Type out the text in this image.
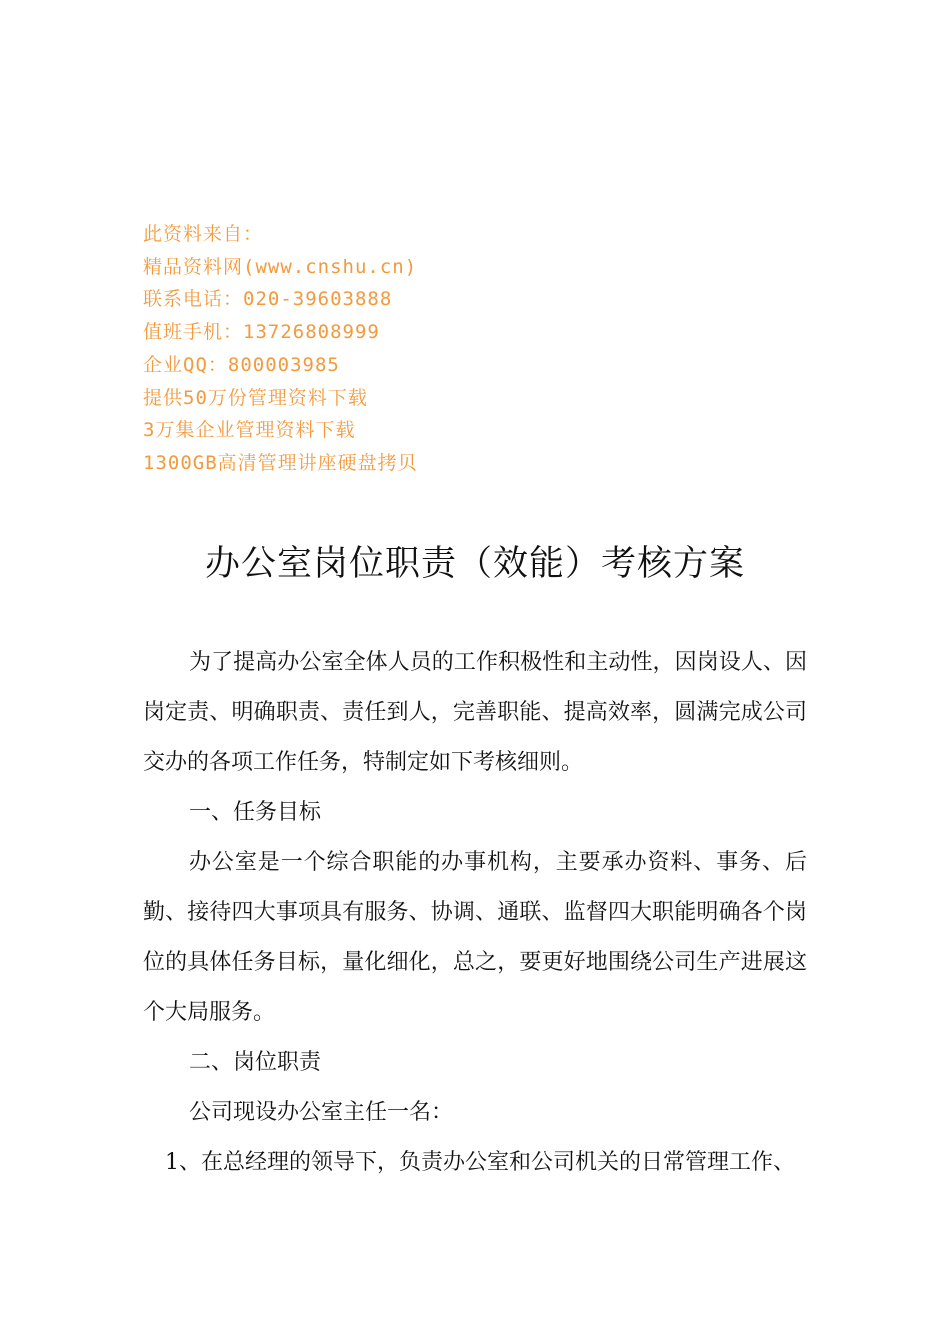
此资料来自：
精品资料网(www.cnshu.cn)
联系电话：020-39603888
值班手机：13726808999
企业QQ：800003985
提供50万份管理资料下载
3万集企业管理资料下载
1300GB高清管理讲座硬盘拷贝
办公室岗位职责（效能）考核方案

为了提高办公室全体人员的工作积极性和主动性，因岗设人、因岗定责、明确职责、责任到人，完善职能、提高效率，圆满完成公司交办的各项工作任务，特制定如下考核细则。

一、任务目标

办公室是一个综合职能的办事机构，主要承办资料、事务、后勤、接待四大事项具有服务、协调、通联、监督四大职能明确各个岗位的具体任务目标，量化细化，总之，要更好地围绕公司生产进展这个大局服务。

二、岗位职责

公司现设办公室主任一名：

1、在总经理的领导下，负责办公室和公司机关的日常管理工作、
